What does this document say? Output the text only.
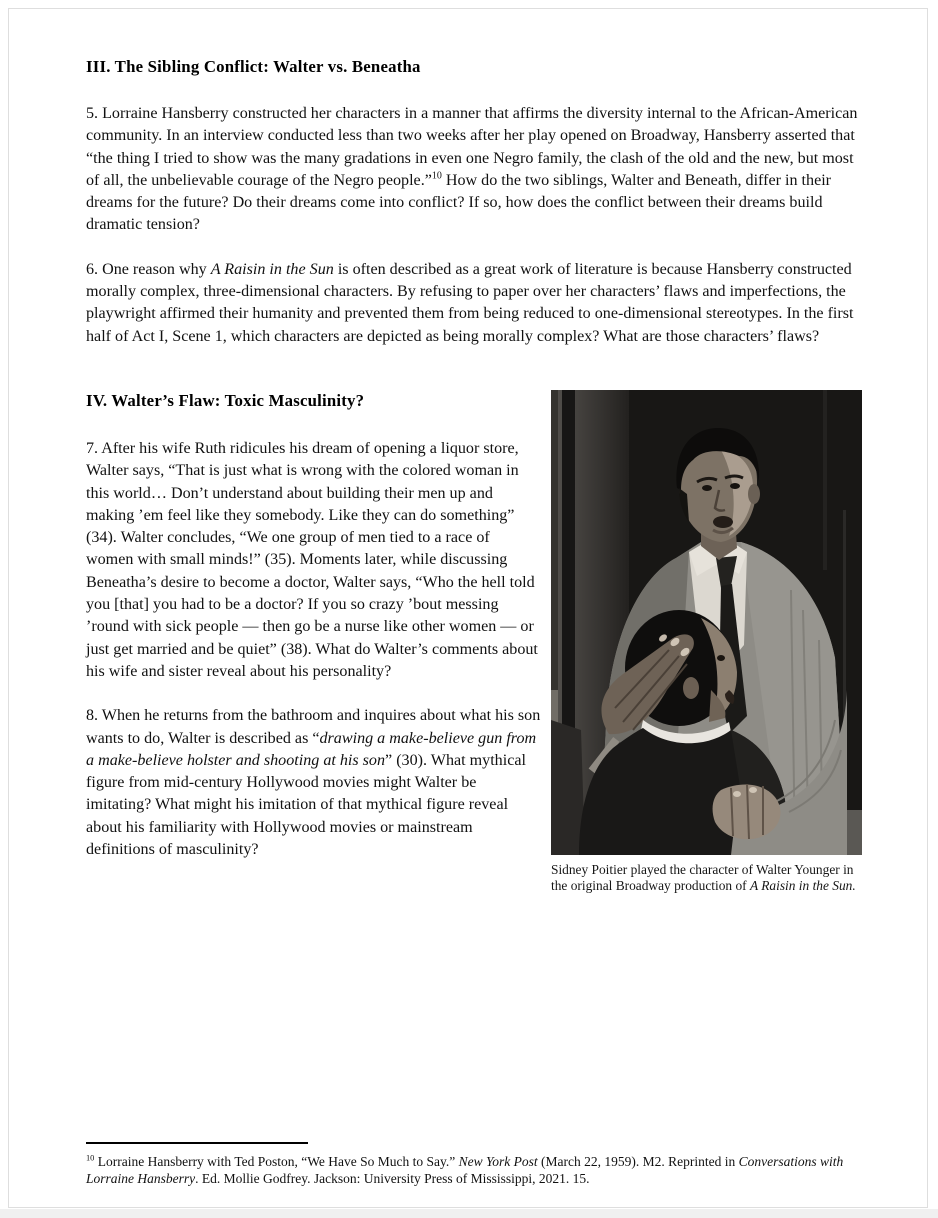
III. The Sibling Conflict: Walter vs. Beneatha

5. Lorraine Hansberry constructed her characters in a manner that affirms the diversity internal to the African-American community. In an interview conducted less than two weeks after her play opened on Broadway, Hansberry asserted that “the thing I tried to show was the many gradations in even one Negro family, the clash of the old and the new, but most of all, the unbelievable courage of the Negro people.”$^{10}$ How do the two siblings, Walter and Beneath, differ in their dreams for the future? Do their dreams come into conflict? If so, how does the conflict between their dreams build dramatic tension?

6. One reason why A Raisin in the Sun is often described as a great work of literature is because Hansberry constructed morally complex, three-dimensional characters. By refusing to paper over her characters’ flaws and imperfections, the playwright affirmed their humanity and prevented them from being reduced to one-dimensional stereotypes. In the first half of Act I, Scene 1, which characters are depicted as being morally complex? What are those characters’ flaws?

IV. Walter’s Flaw: Toxic Masculinity?

7. After his wife Ruth ridicules his dream of opening a liquor store, Walter says, “That is just what is wrong with the colored woman in this world… Don’t understand about building their men up and making ’em feel like they somebody. Like they can do something” (34). Walter concludes, “We one group of men tied to a race of women with small minds!” (35). Moments later, while discussing Beneatha’s desire to become a doctor, Walter says, “Who the hell told you [that] you had to be a doctor? If you so crazy ’bout messing ’round with sick people — then go be a nurse like other women — or just get married and be quiet” (38). What do Walter’s comments about his wife and sister reveal about his personality?

8. When he returns from the bathroom and inquires about what his son wants to do, Walter is described as “drawing a make-believe gun from a make-believe holster and shooting at his son” (30). What mythical figure from mid-century Hollywood movies might Walter be imitating? What might his imitation of that mythical figure reveal about his familiarity with Hollywood movies or mainstream definitions of masculinity?

Sidney Poitier played the character of Walter Younger in the original Broadway production of A Raisin in the Sun.

$^{10}$ Lorraine Hansberry with Ted Poston, “We Have So Much to Say.” New York Post (March 22, 1959). M2. Reprinted in Conversations with Lorraine Hansberry. Ed. Mollie Godfrey. Jackson: University Press of Mississippi, 2021. 15.
